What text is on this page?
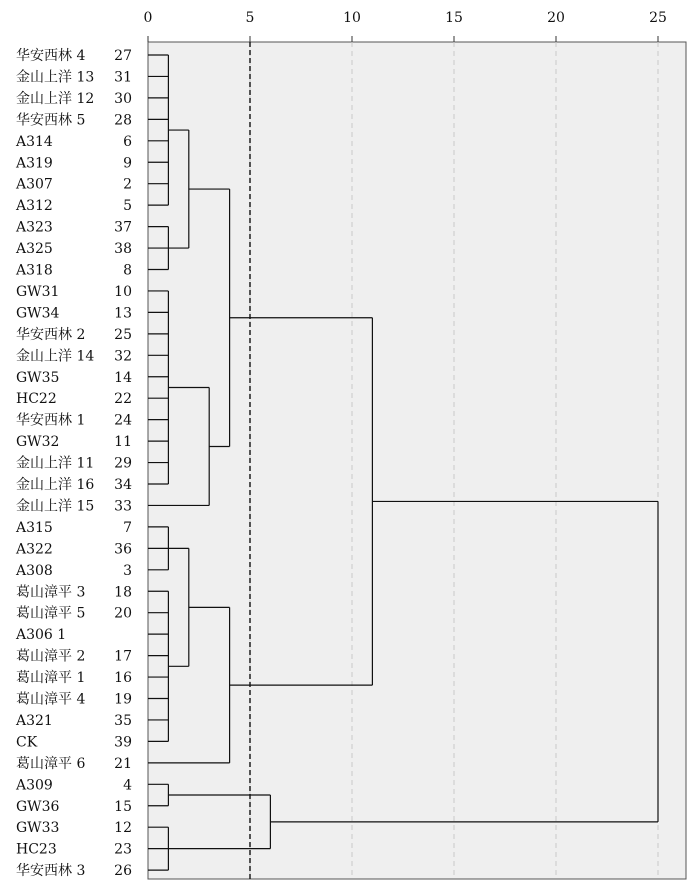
0	5	10	15	20	25
华安西林 4 27
金山上洋 13 31
金山上洋 12 30
华安西林 5 28
A314	6
A319	9
A307	2
A312	5
A323	37
A325	38
A318	8
GW31	10
GW34	13
华安西林 2 25
金山上洋 14 32
GW35	14
HC22	22
华安西林 1 24
GW32	11
金山上洋 11 29
金山上洋 16 34
金山上洋 15 33
A315	7
A322	36
A308	3
葛山漳平 3 18
葛山漳平 5 20
A306 1
葛山漳平 2 17
葛山漳平 1 16
葛山漳平 4 19
A321	35
CK	39
葛山漳平 6 21
A309	4
GW36	15
GW33	12
HC23	23
华安西林 3 26
